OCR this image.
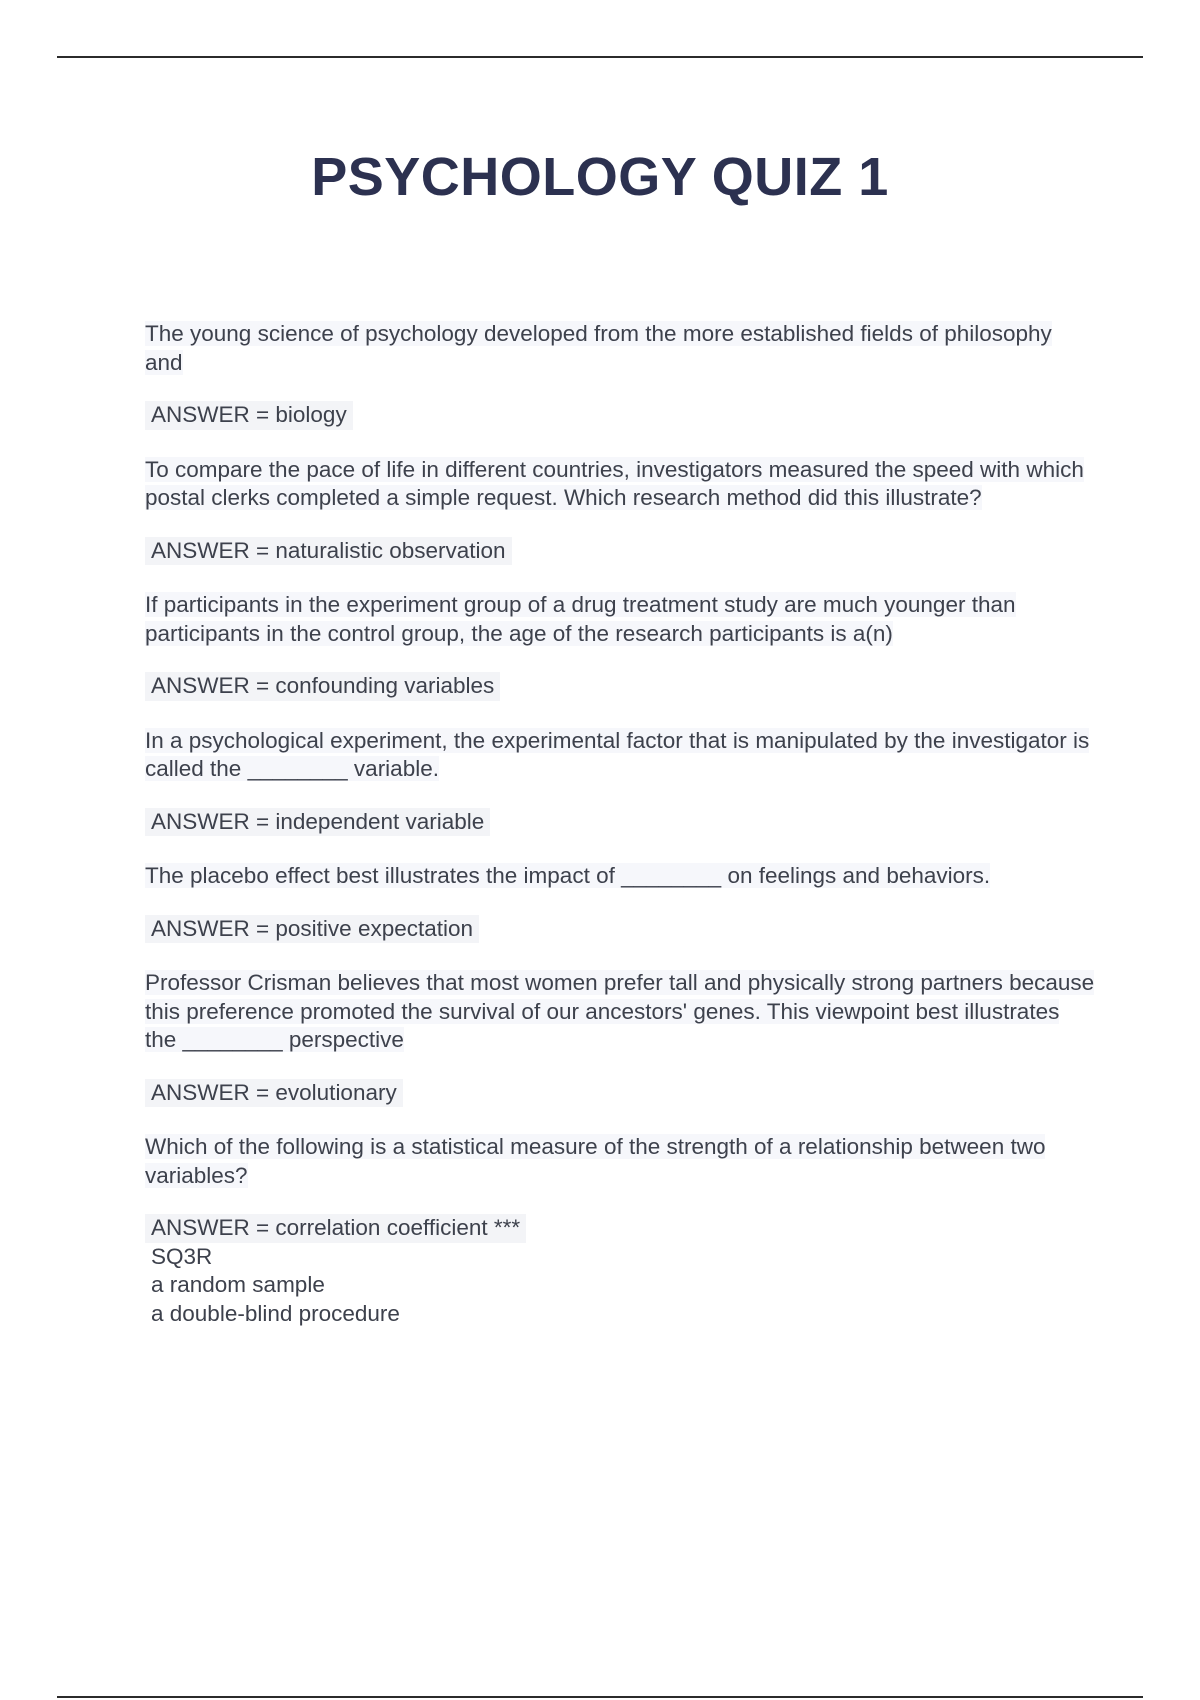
PSYCHOLOGY QUIZ 1
The young science of psychology developed from the more established fields of philosophy and
ANSWER = biology
To compare the pace of life in different countries, investigators measured the speed with which postal clerks completed a simple request. Which research method did this illustrate?
ANSWER = naturalistic observation
If participants in the experiment group of a drug treatment study are much younger than participants in the control group, the age of the research participants is a(n)
ANSWER = confounding variables
In a psychological experiment, the experimental factor that is manipulated by the investigator is called the ________ variable.
ANSWER = independent variable
The placebo effect best illustrates the impact of ________ on feelings and behaviors.
ANSWER = positive expectation
Professor Crisman believes that most women prefer tall and physically strong partners because this preference promoted the survival of our ancestors' genes. This viewpoint best illustrates the ________ perspective
ANSWER = evolutionary
Which of the following is a statistical measure of the strength of a relationship between two variables?
ANSWER = correlation coefficient ***
SQ3R
a random sample
a double-blind procedure
